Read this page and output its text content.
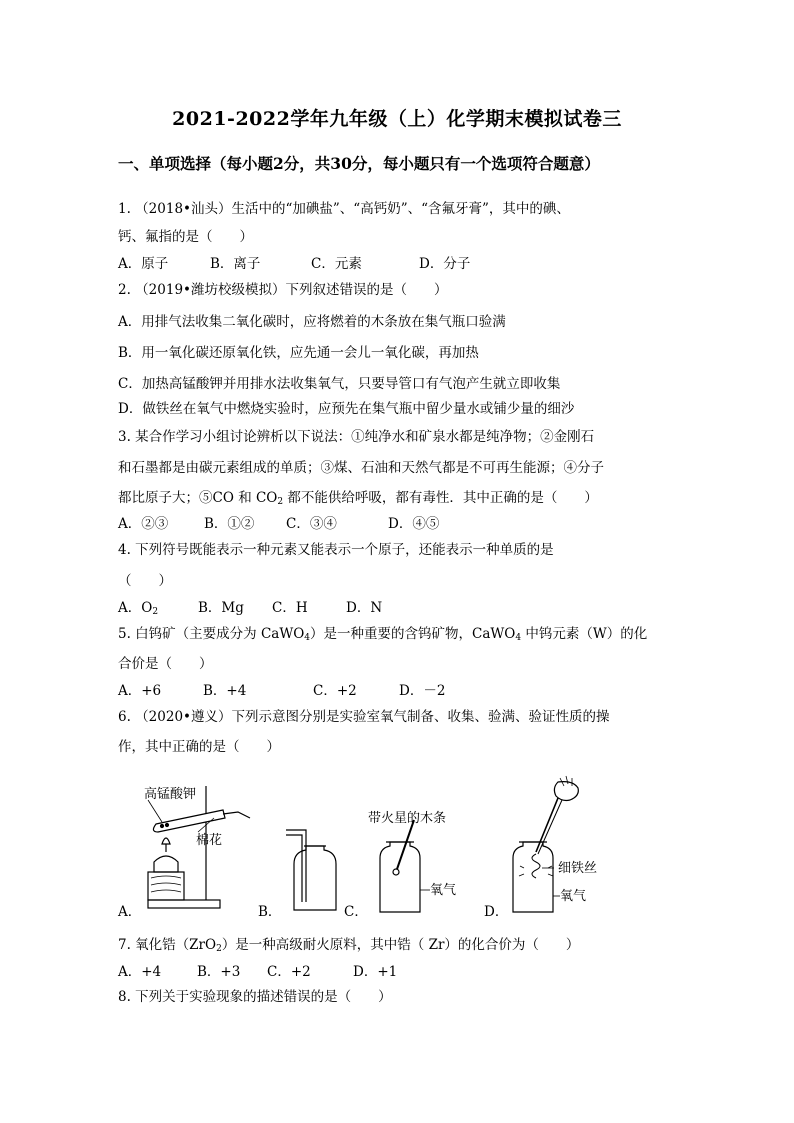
2021-2022学年九年级（上）化学期末模拟试卷三
一、单项选择（每小题2分，共30分，每小题只有一个选项符合题意）
1. （2018•汕头）生活中的“加碘盐”、“高钙奶”、“含氟牙膏”，其中的碘、
钙、氟指的是（　　）
A．原子	B．离子	C．元素	D．分子
2. （2019•潍坊校级模拟）下列叙述错误的是（　　）
A．用排气法收集二氧化碳时，应将燃着的木条放在集气瓶口验满
B．用一氧化碳还原氧化铁，应先通一会儿一氧化碳，再加热
C．加热高锰酸钾并用排水法收集氧气，只要导管口有气泡产生就立即收集
D．做铁丝在氧气中燃烧实验时，应预先在集气瓶中留少量水或铺少量的细沙
3. 某合作学习小组讨论辨析以下说法：①纯净水和矿泉水都是纯净物；②金刚石
和石墨都是由碳元素组成的单质；③煤、石油和天然气都是不可再生能源；④分子
都比原子大；⑤CO 和 $CO_2$ 都不能供给呼吸，都有毒性．其中正确的是（　　）
A．②③	B．①② C．③④	D．④⑤
4. 下列符号既能表示一种元素又能表示一个原子，还能表示一种单质的是
（　　）
A．$O_2$	B．Mg C．H	D．N
5. 白钨矿（主要成分为 CaWO$_4$）是一种重要的含钨矿物，CaWO$_4$ 中钨元素（W）的化
合价是（　　）
A．+6	B．+4	C．+2	D．－2
6. （2020•遵义）下列示意图分别是实验室氧气制备、收集、验满、验证性质的操
作，其中正确的是（　　）
高锰酸钾
棉花
带火星的木条
氧气
细铁丝
氧气
A．	B．	C．	D．
7. 氧化锆（ZrO$_2$）是一种高级耐火原料，其中锆（ Zr）的化合价为（　　）
A．+4	B．+3 C．+2	D．+1
8. 下列关于实验现象的描述错误的是（　　）
